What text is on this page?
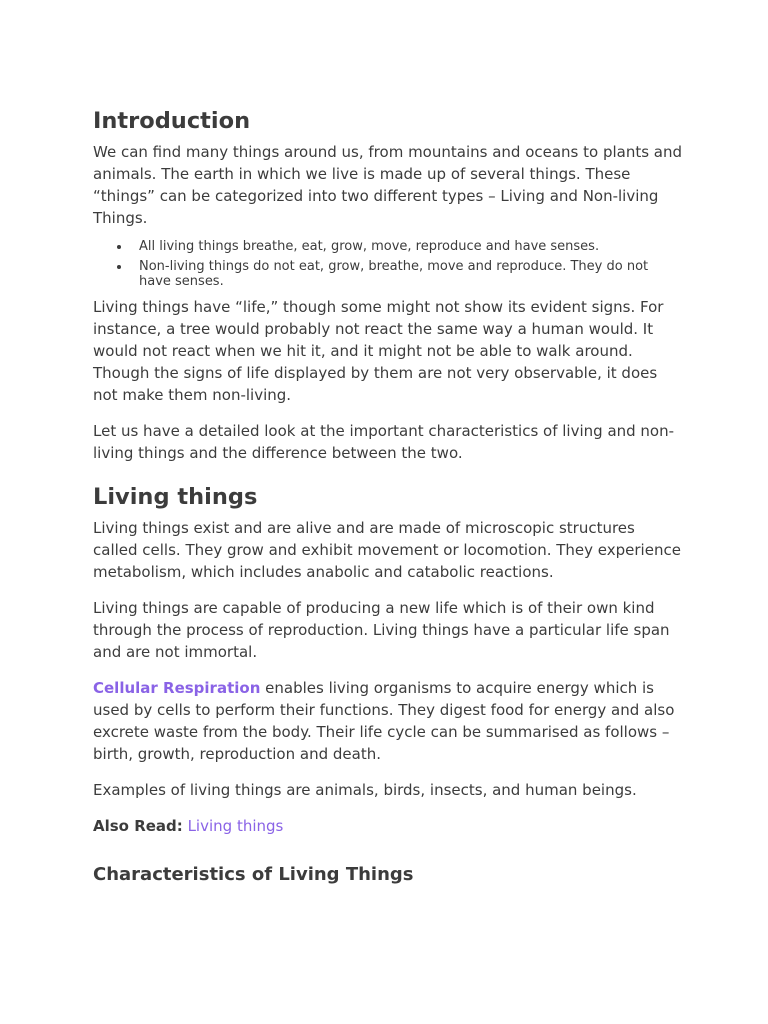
Introduction

We can find many things around us, from mountains and oceans to plants and animals. The earth in which we live is made up of several things. These “things” can be categorized into two different types – Living and Non-living Things.

All living things breathe, eat, grow, move, reproduce and have senses.
Non-living things do not eat, grow, breathe, move and reproduce. They do not have senses.

Living things have “life,” though some might not show its evident signs. For instance, a tree would probably not react the same way a human would. It would not react when we hit it, and it might not be able to walk around. Though the signs of life displayed by them are not very observable, it does not make them non-living.

Let us have a detailed look at the important characteristics of living and non-living things and the difference between the two.

Living things

Living things exist and are alive and are made of microscopic structures called cells. They grow and exhibit movement or locomotion. They experience metabolism, which includes anabolic and catabolic reactions.

Living things are capable of producing a new life which is of their own kind through the process of reproduction. Living things have a particular life span and are not immortal.

Cellular Respiration enables living organisms to acquire energy which is used by cells to perform their functions. They digest food for energy and also excrete waste from the body. Their life cycle can be summarised as follows – birth, growth, reproduction and death.

Examples of living things are animals, birds, insects, and human beings.

Also Read: Living things

Characteristics of Living Things
